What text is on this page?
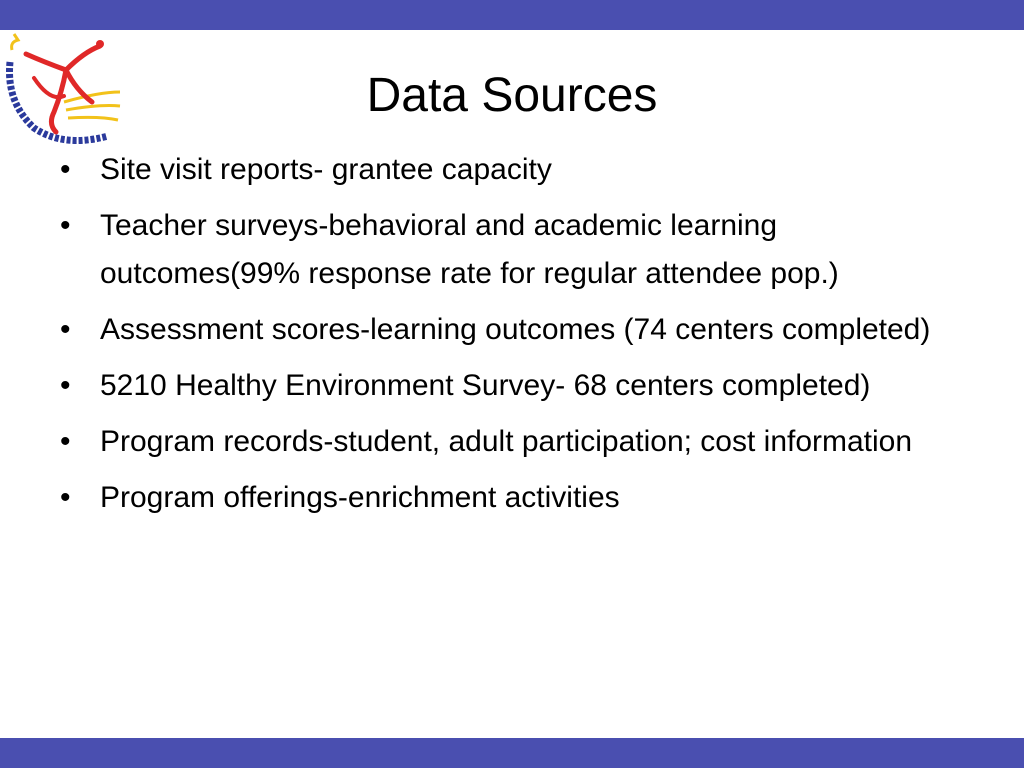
Data Sources
• Site visit reports- grantee capacity
• Teacher surveys-behavioral and academic learning outcomes(99% response rate for regular attendee pop.)
• Assessment scores-learning outcomes (74 centers completed)
• 5210 Healthy Environment Survey- 68 centers completed)
• Program records-student, adult participation; cost information
• Program offerings-enrichment activities
